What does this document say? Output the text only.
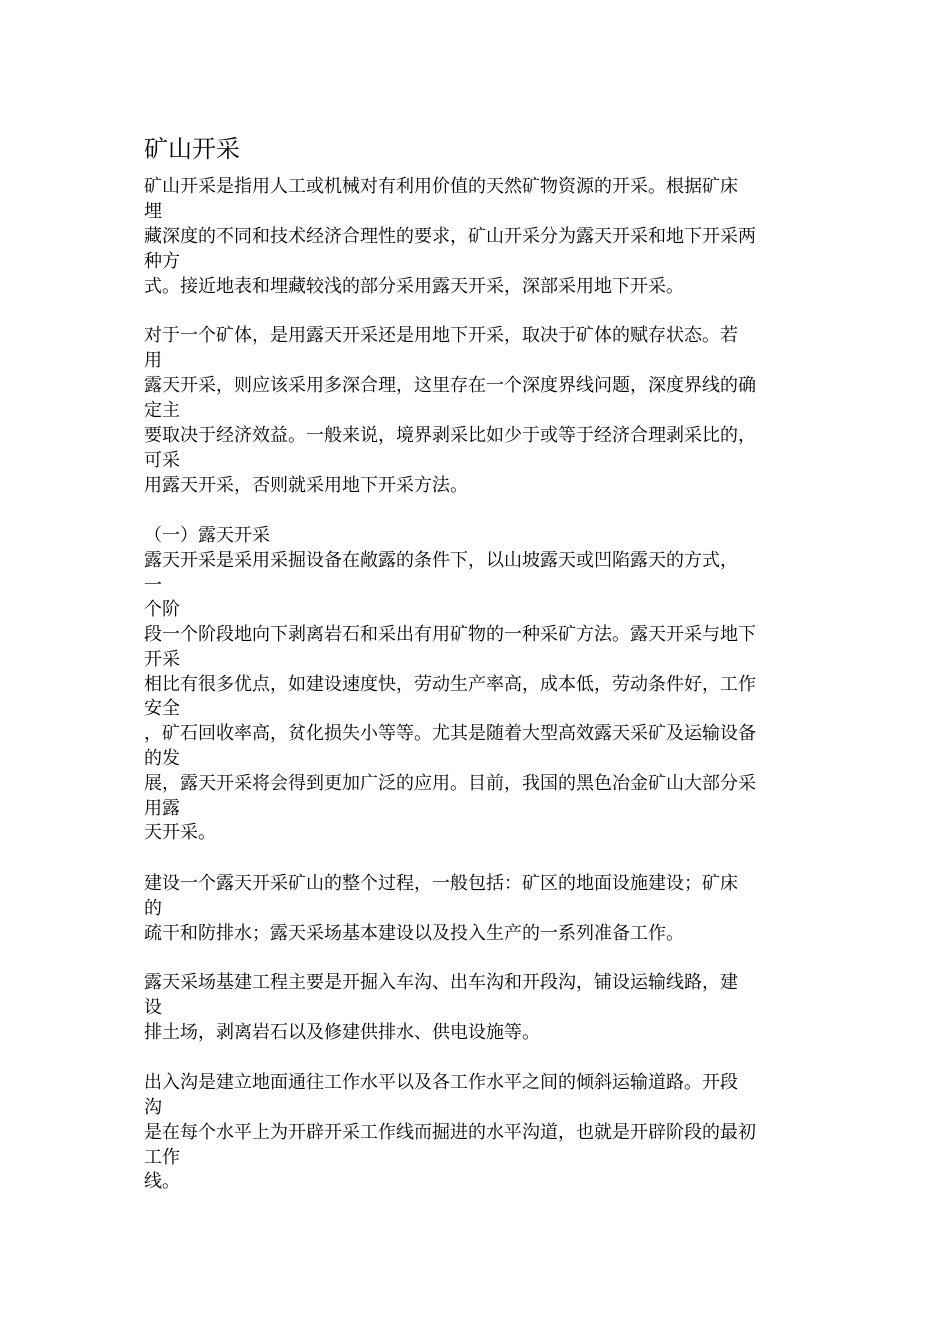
矿山开采
矿山开采是指用人工或机械对有利用价值的天然矿物资源的开采。根据矿床
埋
藏深度的不同和技术经济合理性的要求，矿山开采分为露天开采和地下开采两
种方
式。接近地表和埋藏较浅的部分采用露天开采，深部采用地下开采。
对于一个矿体，是用露天开采还是用地下开采，取决于矿体的赋存状态。若
用
露天开采，则应该采用多深合理，这里存在一个深度界线问题，深度界线的确
定主
要取决于经济效益。一般来说，境界剥采比如少于或等于经济合理剥采比的，
可采
用露天开采，否则就采用地下开采方法。
（一）露天开采
露天开采是采用采掘设备在敞露的条件下，以山坡露天或凹陷露天的方式，
一
个阶
段一个阶段地向下剥离岩石和采出有用矿物的一种采矿方法。露天开采与地下
开采
相比有很多优点，如建设速度快，劳动生产率高，成本低，劳动条件好，工作
安全
，矿石回收率高，贫化损失小等等。尤其是随着大型高效露天采矿及运输设备
的发
展，露天开采将会得到更加广泛的应用。目前，我国的黑色冶金矿山大部分采
用露
天开采。
建设一个露天开采矿山的整个过程，一般包括：矿区的地面设施建设；矿床
的
疏干和防排水；露天采场基本建设以及投入生产的一系列准备工作。
露天采场基建工程主要是开掘入车沟、出车沟和开段沟，铺设运输线路，建
设
排土场，剥离岩石以及修建供排水、供电设施等。
出入沟是建立地面通往工作水平以及各工作水平之间的倾斜运输道路。开段
沟
是在每个水平上为开辟开采工作线而掘进的水平沟道，也就是开辟阶段的最初
工作
线。
